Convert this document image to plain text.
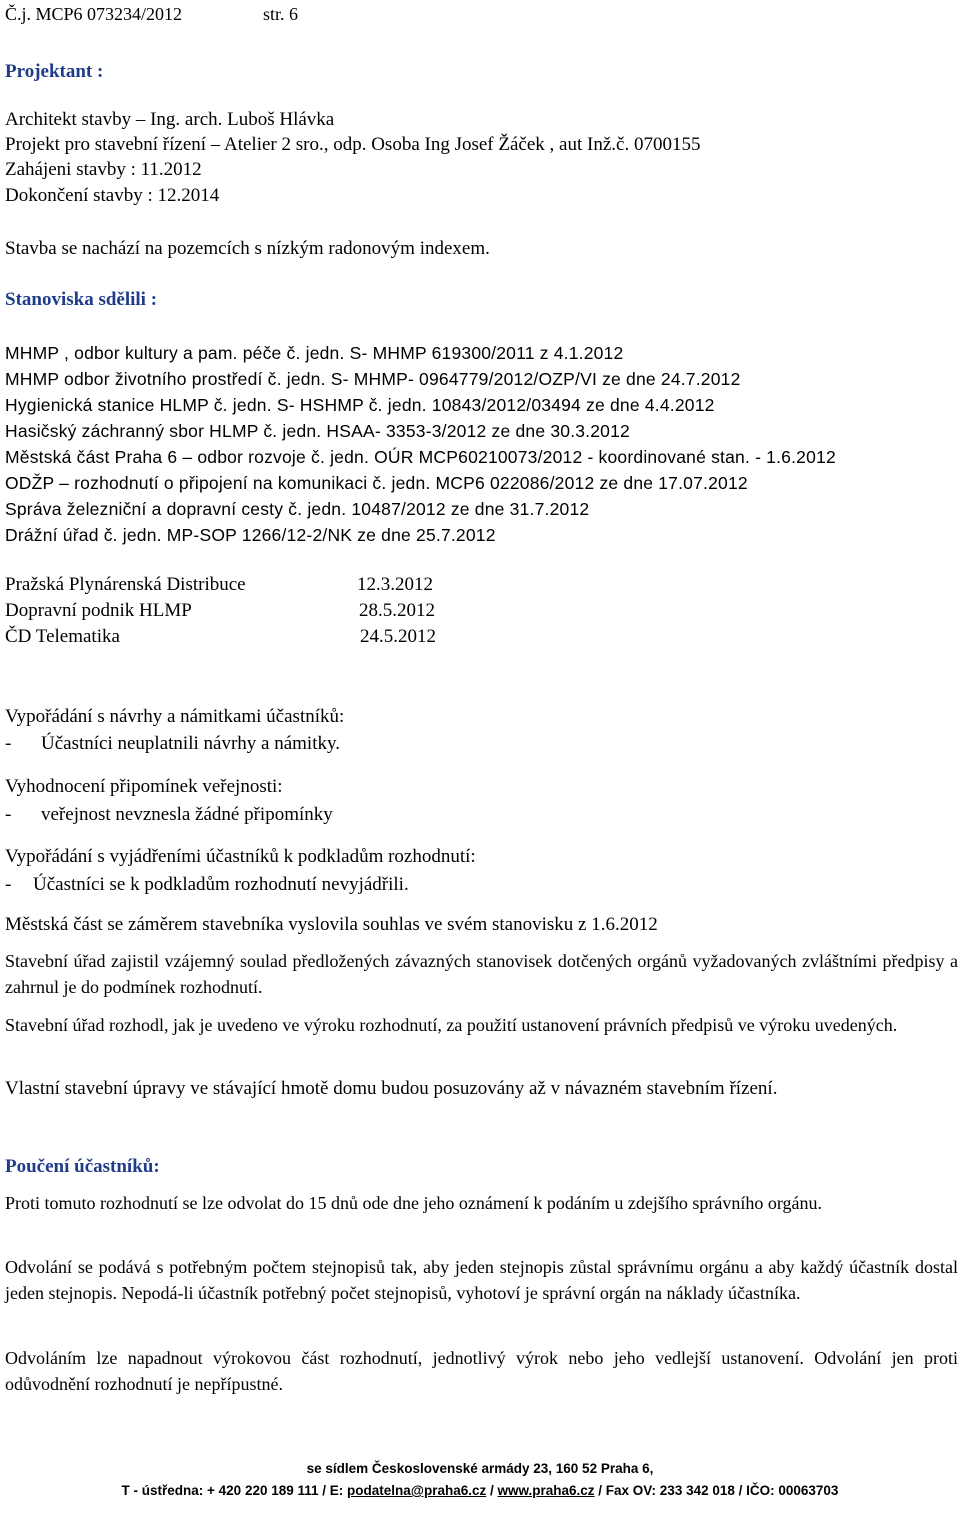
Č.j. MCP6 073234/2012	str. 6
Projektant :
Architekt stavby – Ing. arch. Luboš Hlávka
Projekt pro stavební řízení – Atelier 2 sro., odp. Osoba Ing Josef Žáček , aut Inž.č. 0700155
Zahájeni stavby : 11.2012
Dokončení stavby : 12.2014
Stavba se nachází na pozemcích s nízkým radonovým indexem.
Stanoviska sdělili :
MHMP , odbor kultury a pam. péče č. jedn. S- MHMP 619300/2011 z 4.1.2012
MHMP odbor životního prostředí č. jedn. S- MHMP- 0964779/2012/OZP/VI ze dne 24.7.2012
Hygienická stanice HLMP č. jedn. S- HSHMP č. jedn. 10843/2012/03494 ze dne 4.4.2012
Hasičský záchranný sbor HLMP č. jedn. HSAA- 3353-3/2012 ze dne 30.3.2012
Městská část Praha 6 – odbor rozvoje č. jedn. OÚR MCP60210073/2012 - koordinované stan. - 1.6.2012
ODŽP – rozhodnutí o připojení na komunikaci č. jedn. MCP6 022086/2012 ze dne 17.07.2012
Správa železniční a dopravní cesty č. jedn. 10487/2012 ze dne 31.7.2012
Drážní úřad č. jedn. MP-SOP 1266/12-2/NK ze dne 25.7.2012
Pražská Plynárenská Distribuce	12.3.2012
Dopravní podnik HLMP	28.5.2012
ČD Telematika	24.5.2012
Vypořádání s návrhy a námitkami účastníků:
- Účastníci neuplatnili návrhy a námitky.
Vyhodnocení připomínek veřejnosti:
- veřejnost nevznesla žádné připomínky
Vypořádání s vyjádřeními účastníků k podkladům rozhodnutí:
- Účastníci se k podkladům rozhodnutí nevyjádřili.
Městská část se záměrem stavebníka vyslovila souhlas ve svém stanovisku z 1.6.2012
Stavební úřad zajistil vzájemný soulad předložených závazných stanovisek dotčených orgánů vyžadovaných zvláštními předpisy a zahrnul je do podmínek rozhodnutí.
Stavební úřad rozhodl, jak je uvedeno ve výroku rozhodnutí, za použití ustanovení právních předpisů ve výroku uvedených.
Vlastní stavební úpravy ve stávající hmotě domu budou posuzovány až v návazném stavebním řízení.
Poučení účastníků:
Proti tomuto rozhodnutí se lze odvolat do 15 dnů ode dne jeho oznámení k podáním u zdejšího správního orgánu.
Odvolání se podává s potřebným počtem stejnopisů tak, aby jeden stejnopis zůstal správnímu orgánu a aby každý účastník dostal jeden stejnopis. Nepodá-li účastník potřebný počet stejnopisů, vyhotoví je správní orgán na náklady účastníka.
Odvoláním lze napadnout výrokovou část rozhodnutí, jednotlivý výrok nebo jeho vedlejší ustanovení. Odvolání jen proti odůvodnění rozhodnutí je nepřípustné.
se sídlem Československé armády 23, 160 52 Praha 6,
T - ústředna: + 420 220 189 111 / E: podatelna@praha6.cz / www.praha6.cz / Fax OV: 233 342 018 / IČO: 00063703
